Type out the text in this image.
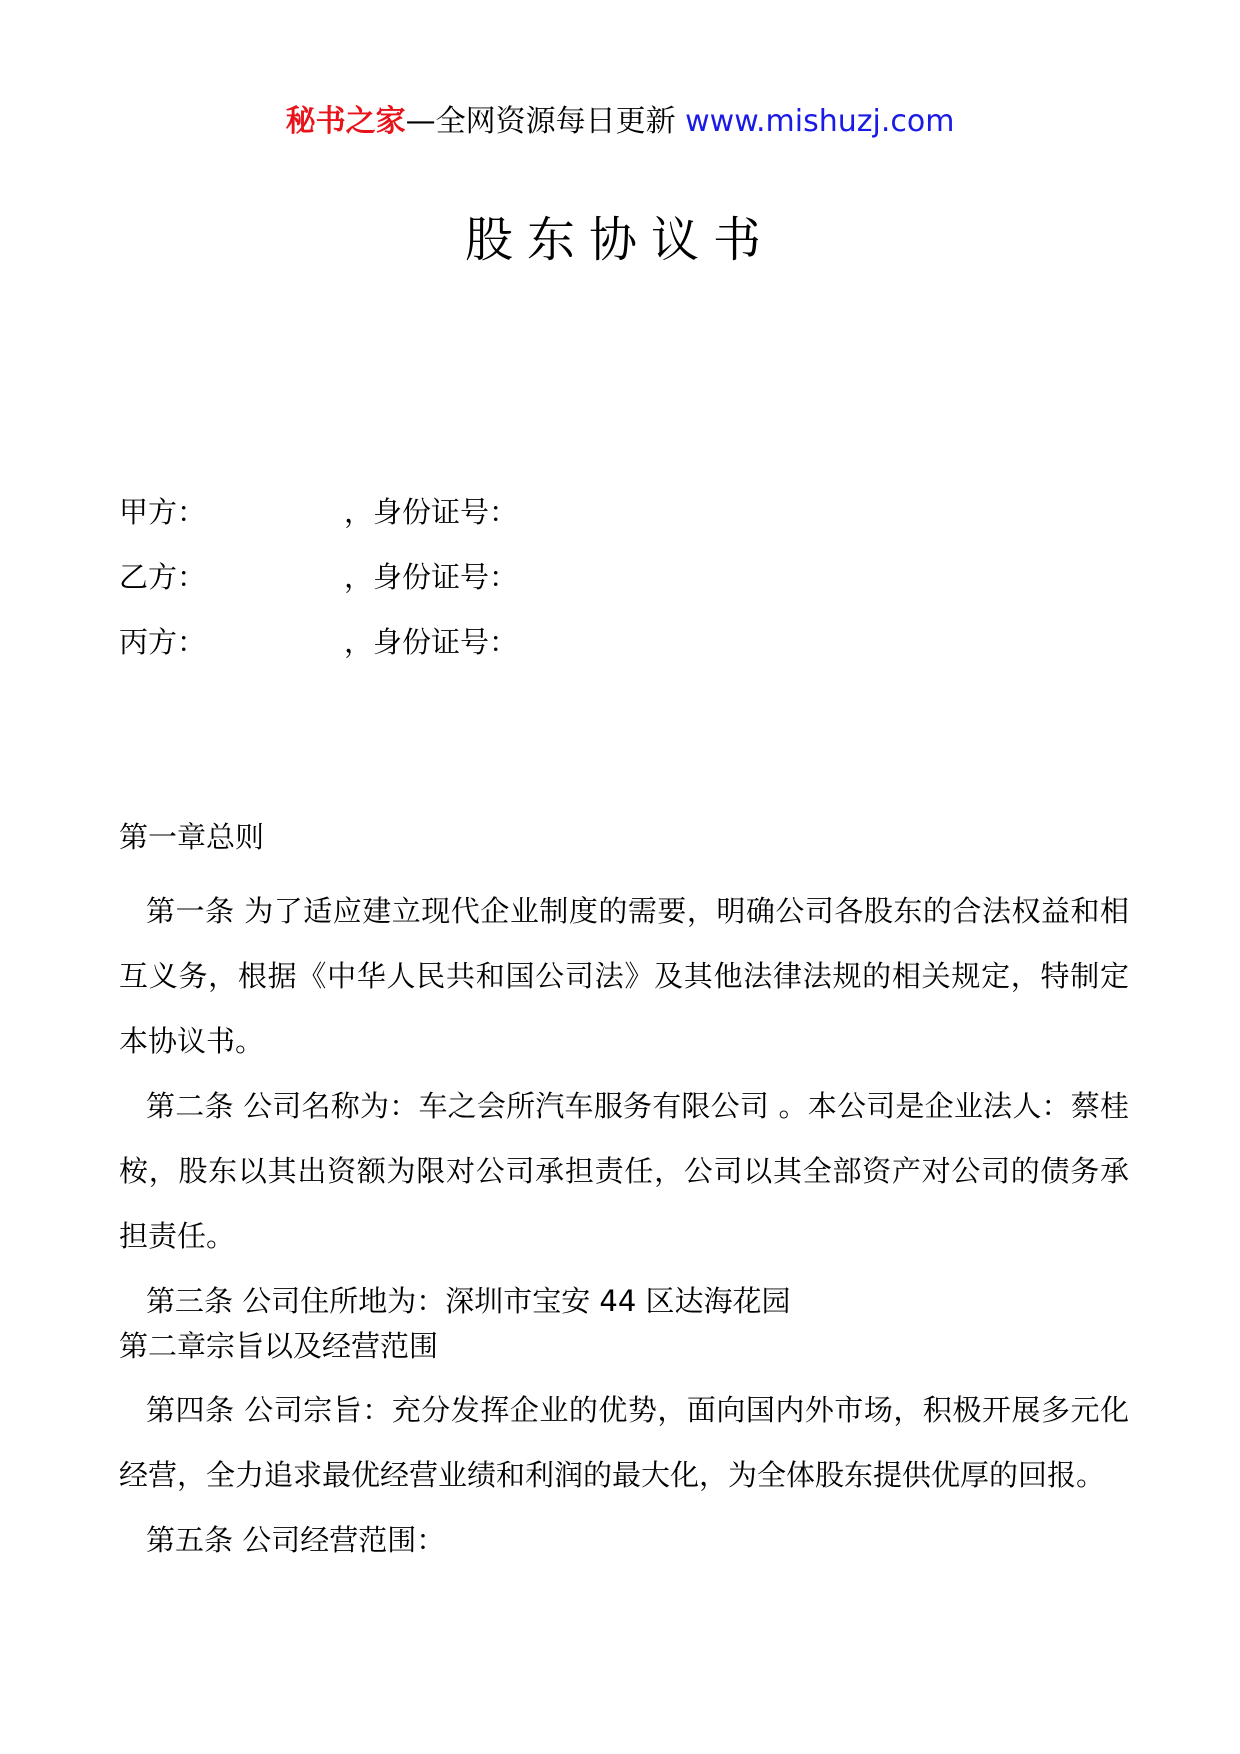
秘书之家—全网资源每日更新 www.mishuzj.com
股东协议书
甲方：	，身份证号：
乙方：	，身份证号：
丙方：	，身份证号：
第一章总则

第一条 为了适应建立现代企业制度的需要，明确公司各股东的合法权益和相互义务，根据《中华人民共和国公司法》及其他法律法规的相关规定，特制定本协议书。

第二条 公司名称为：车之会所汽车服务有限公司 。本公司是企业法人：蔡桂桉，股东以其出资额为限对公司承担责任，公司以其全部资产对公司的债务承担责任。

第三条 公司住所地为：深圳市宝安 44 区达海花园

第二章宗旨以及经营范围

第四条 公司宗旨：充分发挥企业的优势，面向国内外市场，积极开展多元化经营，全力追求最优经营业绩和利润的最大化，为全体股东提供优厚的回报。

第五条 公司经营范围：
